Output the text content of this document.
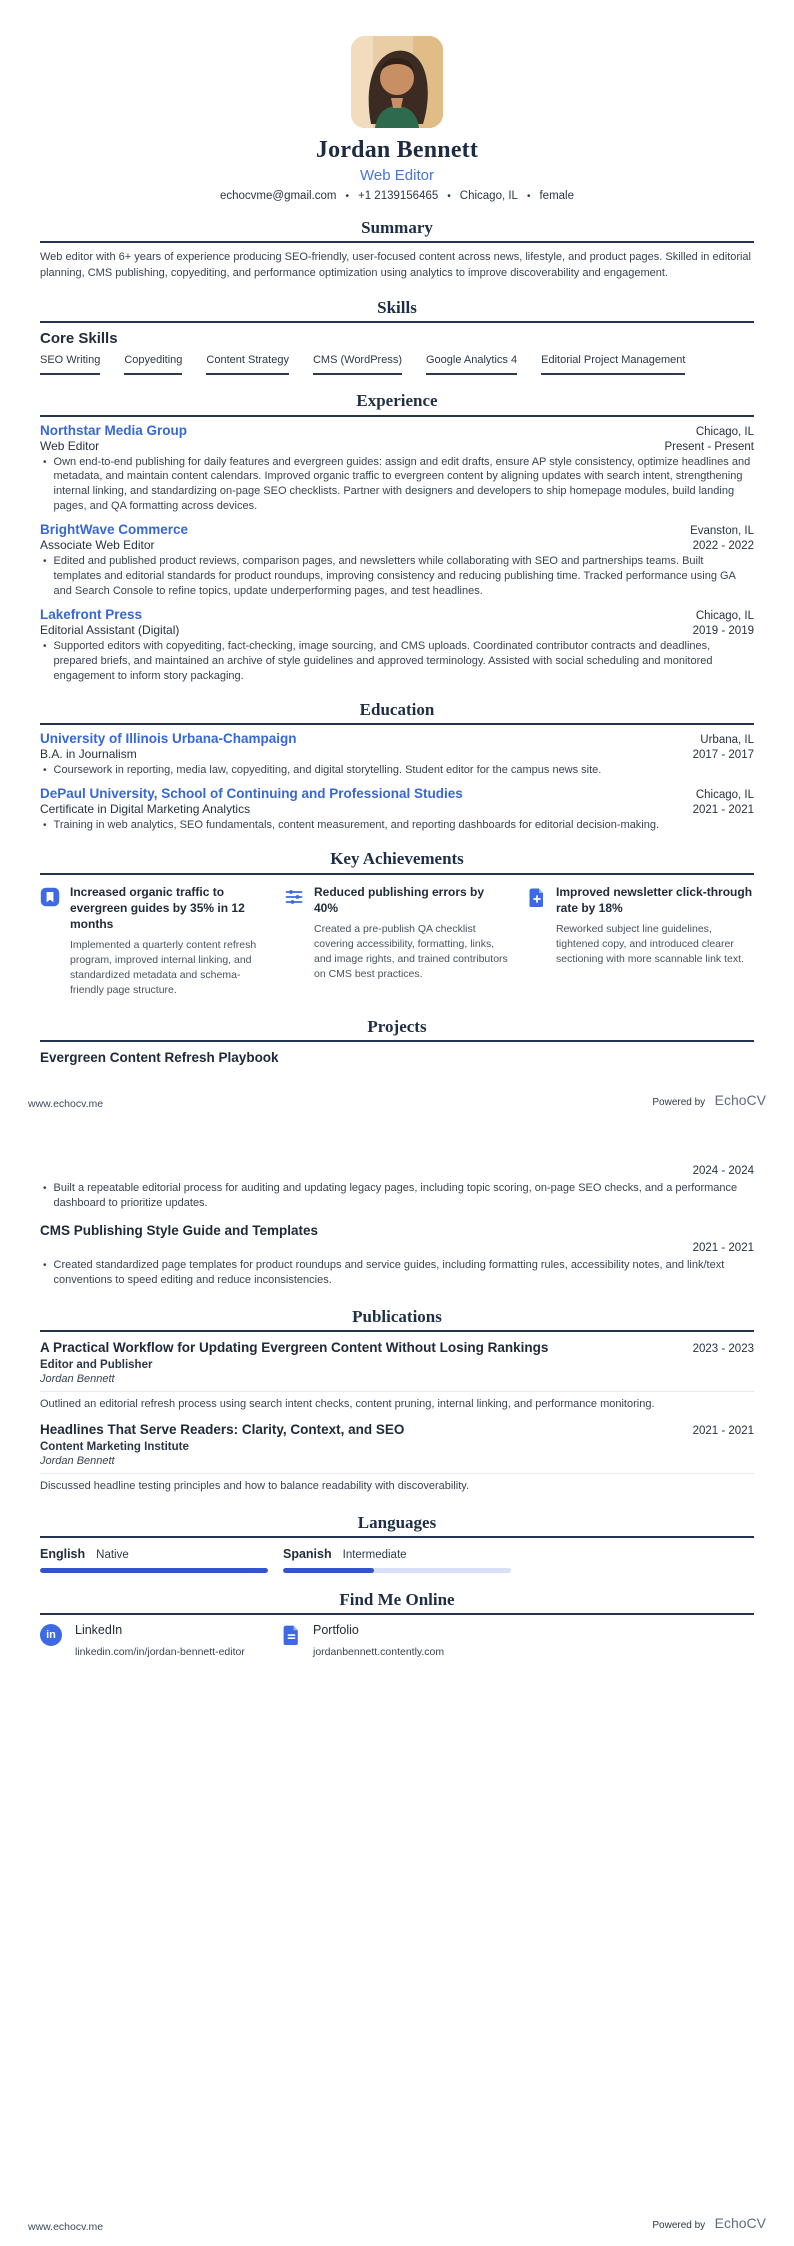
Jordan Bennett
Web Editor
echocvme@gmail.com • +1 2139156465 • Chicago, IL • female
Summary

Web editor with 6+ years of experience producing SEO-friendly, user-focused content across news, lifestyle, and product pages. Skilled in editorial planning, CMS publishing, copyediting, and performance optimization using analytics to improve discoverability and engagement.

Skills
Core Skills
SEO Writing Copyediting Content Strategy CMS (WordPress) Google Analytics 4 Editorial Project Management
Experience
Northstar Media Group	Chicago, IL
Web Editor	Present - Present
• Own end-to-end publishing for daily features and evergreen guides: assign and edit drafts, ensure AP style consistency, optimize headlines and metadata, and maintain content calendars. Improved organic traffic to evergreen content by aligning updates with search intent, strengthening internal linking, and standardizing on-page SEO checklists. Partner with designers and developers to ship homepage modules, build landing pages, and QA formatting across devices.
BrightWave Commerce	Evanston, IL
Associate Web Editor	2022 - 2022
• Edited and published product reviews, comparison pages, and newsletters while collaborating with SEO and partnerships teams. Built templates and editorial standards for product roundups, improving consistency and reducing publishing time. Tracked performance using GA and Search Console to refine topics, update underperforming pages, and test headlines.
Lakefront Press	Chicago, IL
Editorial Assistant (Digital)	2019 - 2019
• Supported editors with copyediting, fact-checking, image sourcing, and CMS uploads. Coordinated contributor contracts and deadlines, prepared briefs, and maintained an archive of style guidelines and approved terminology. Assisted with social scheduling and monitored engagement to inform story packaging.
Education
University of Illinois Urbana-Champaign	Urbana, IL
B.A. in Journalism	2017 - 2017
• Coursework in reporting, media law, copyediting, and digital storytelling. Student editor for the campus news site.
DePaul University, School of Continuing and Professional Studies	Chicago, IL
Certificate in Digital Marketing Analytics	2021 - 2021
• Training in web analytics, SEO fundamentals, content measurement, and reporting dashboards for editorial decision-making.
Key Achievements
Increased organic traffic to evergreen guides by 35% in 12 months
Implemented a quarterly content refresh program, improved internal linking, and standardized metadata and schema-friendly page structure.
Reduced publishing errors by 40%
Created a pre-publish QA checklist covering accessibility, formatting, links, and image rights, and trained contributors on CMS best practices.
Improved newsletter click-through rate by 18%
Reworked subject line guidelines, tightened copy, and introduced clearer sectioning with more scannable link text.
Projects
Evergreen Content Refresh Playbook
www.echocv.me	Powered by EchoCV
2024 - 2024
• Built a repeatable editorial process for auditing and updating legacy pages, including topic scoring, on-page SEO checks, and a performance dashboard to prioritize updates.
CMS Publishing Style Guide and Templates
2021 - 2021
• Created standardized page templates for product roundups and service guides, including formatting rules, accessibility notes, and link/text conventions to speed editing and reduce inconsistencies.
Publications
A Practical Workflow for Updating Evergreen Content Without Losing Rankings	2023 - 2023
Editor and Publisher
Jordan Bennett
Outlined an editorial refresh process using search intent checks, content pruning, internal linking, and performance monitoring.
Headlines That Serve Readers: Clarity, Context, and SEO	2021 - 2021
Content Marketing Institute
Jordan Bennett
Discussed headline testing principles and how to balance readability with discoverability.
Languages
English Native	Spanish Intermediate
Find Me Online
in	LinkedIn
linkedin.com/in/jordan-bennett-editor
Portfolio
jordanbennett.contently.com
www.echocv.me	Powered by EchoCV
